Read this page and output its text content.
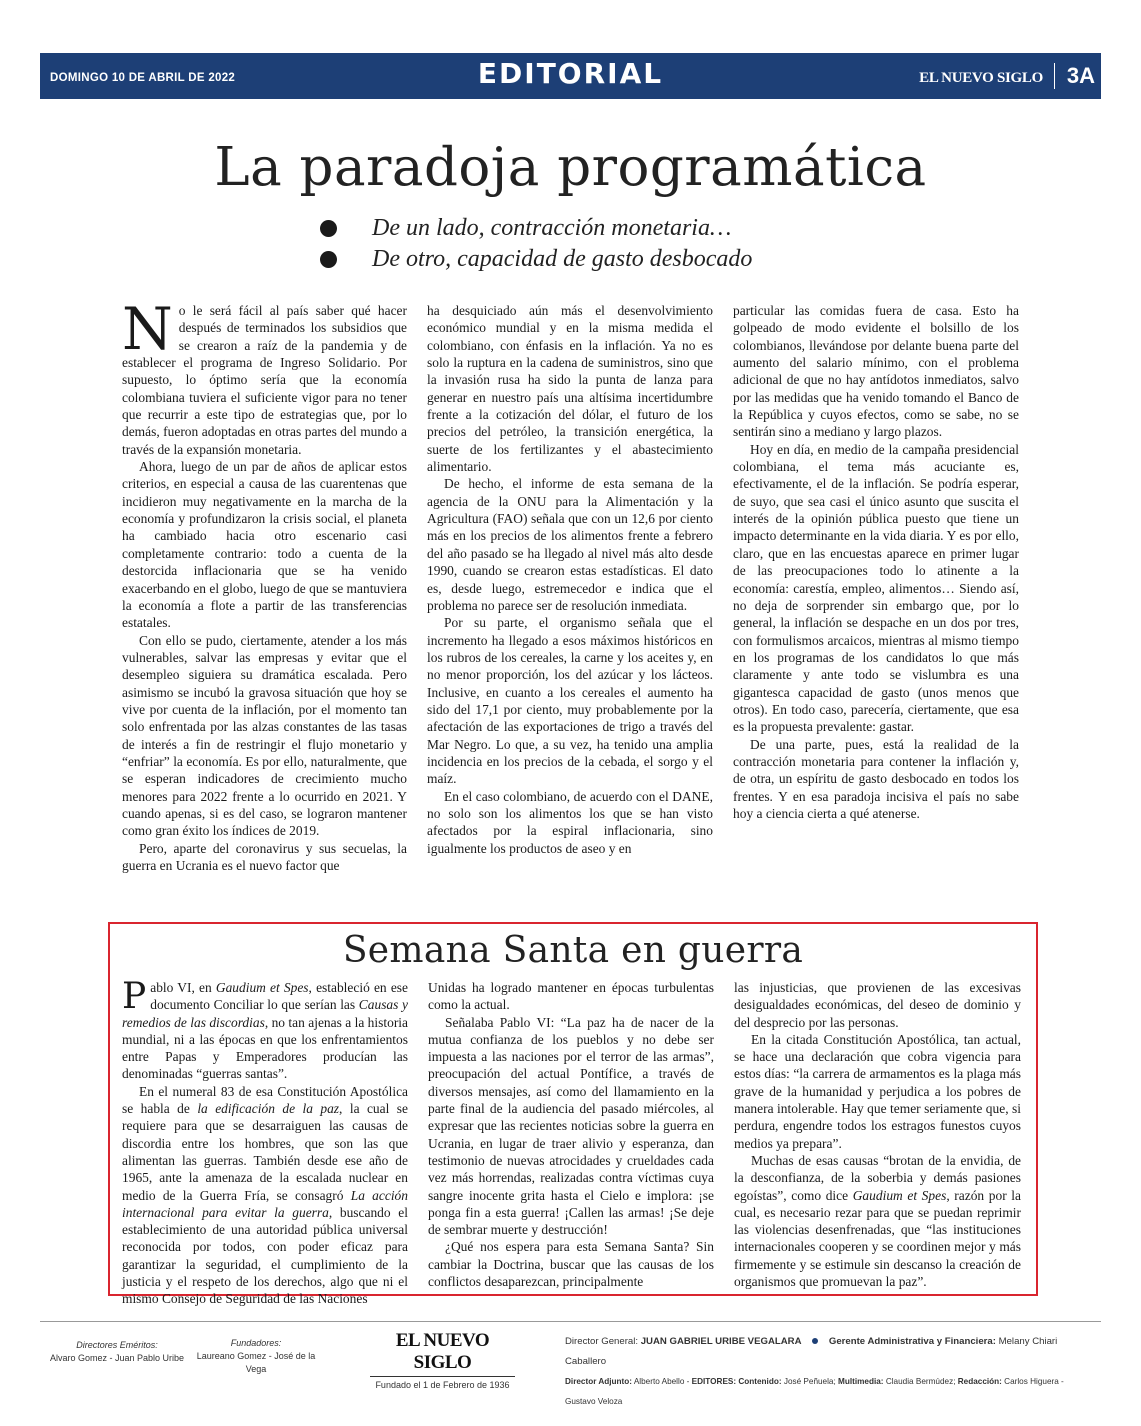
DOMINGO 10 DE ABRIL DE 2022	EDITORIAL	EL NUEVO SIGLO 3A
La paradoja programática
De un lado, contracción monetaria…
De otro, capacidad de gasto desbocado

No le será fácil al país saber qué hacer después de terminados los subsidios que se crearon a raíz de la pandemia y de establecer el programa de Ingreso Solidario. Por supuesto, lo óptimo sería que la economía colombiana tuviera el suficiente vigor para no tener que recurrir a este tipo de estrategias que, por lo demás, fueron adoptadas en otras partes del mundo a través de la expansión monetaria.

Ahora, luego de un par de años de aplicar estos criterios, en especial a causa de las cuarentenas que incidieron muy negativamente en la marcha de la economía y profundizaron la crisis social, el planeta ha cambiado hacia otro escenario casi completamente contrario: todo a cuenta de la destorcida inflacionaria que se ha venido exacerbando en el globo, luego de que se mantuviera la economía a flote a partir de las transferencias estatales.

Con ello se pudo, ciertamente, atender a los más vulnerables, salvar las empresas y evitar que el desempleo siguiera su dramática escalada. Pero asimismo se incubó la gravosa situación que hoy se vive por cuenta de la inflación, por el momento tan solo enfrentada por las alzas constantes de las tasas de interés a fin de restringir el flujo monetario y “enfriar” la economía. Es por ello, naturalmente, que se esperan indicadores de crecimiento mucho menores para 2022 frente a lo ocurrido en 2021. Y cuando apenas, si es del caso, se lograron mantener como gran éxito los índices de 2019.

Pero, aparte del coronavirus y sus secuelas, la guerra en Ucrania es el nuevo factor que

ha desquiciado aún más el desenvolvimiento económico mundial y en la misma medida el colombiano, con énfasis en la inflación. Ya no es solo la ruptura en la cadena de suministros, sino que la invasión rusa ha sido la punta de lanza para generar en nuestro país una altísima incertidumbre frente a la cotización del dólar, el futuro de los precios del petróleo, la transición energética, la suerte de los fertilizantes y el abastecimiento alimentario.

De hecho, el informe de esta semana de la agencia de la ONU para la Alimentación y la Agricultura (FAO) señala que con un 12,6 por ciento más en los precios de los alimentos frente a febrero del año pasado se ha llegado al nivel más alto desde 1990, cuando se crearon estas estadísticas. El dato es, desde luego, estremecedor e indica que el problema no parece ser de resolución inmediata.

Por su parte, el organismo señala que el incremento ha llegado a esos máximos históricos en los rubros de los cereales, la carne y los aceites y, en no menor proporción, los del azúcar y los lácteos. Inclusive, en cuanto a los cereales el aumento ha sido del 17,1 por ciento, muy probablemente por la afectación de las exportaciones de trigo a través del Mar Negro. Lo que, a su vez, ha tenido una amplia incidencia en los precios de la cebada, el sorgo y el maíz.

En el caso colombiano, de acuerdo con el DANE, no solo son los alimentos los que se han visto afectados por la espiral inflacionaria, sino igualmente los productos de aseo y en

particular las comidas fuera de casa. Esto ha golpeado de modo evidente el bolsillo de los colombianos, llevándose por delante buena parte del aumento del salario mínimo, con el problema adicional de que no hay antídotos inmediatos, salvo por las medidas que ha venido tomando el Banco de la República y cuyos efectos, como se sabe, no se sentirán sino a mediano y largo plazos.

Hoy en día, en medio de la campaña presidencial colombiana, el tema más acuciante es, efectivamente, el de la inflación. Se podría esperar, de suyo, que sea casi el único asunto que suscita el interés de la opinión pública puesto que tiene un impacto determinante en la vida diaria. Y es por ello, claro, que en las encuestas aparece en primer lugar de las preocupaciones todo lo atinente a la economía: carestía, empleo, alimentos… Siendo así, no deja de sorprender sin embargo que, por lo general, la inflación se despache en un dos por tres, con formulismos arcaicos, mientras al mismo tiempo en los programas de los candidatos lo que más claramente y ante todo se vislumbra es una gigantesca capacidad de gasto (unos menos que otros). En todo caso, parecería, ciertamente, que esa es la propuesta prevalente: gastar.

De una parte, pues, está la realidad de la contracción monetaria para contener la inflación y, de otra, un espíritu de gasto desbocado en todos los frentes. Y en esa paradoja incisiva el país no sabe hoy a ciencia cierta a qué atenerse.

Semana Santa en guerra

Pablo VI, en Gaudium et Spes, estableció en ese documento Conciliar lo que serían las Causas y remedios de las discordias, no tan ajenas a la historia mundial, ni a las épocas en que los enfrentamientos entre Papas y Emperadores producían las denominadas “guerras santas”.

En el numeral 83 de esa Constitución Apostólica se habla de la edificación de la paz, la cual se requiere para que se desarraiguen las causas de discordia entre los hombres, que son las que alimentan las guerras. También desde ese año de 1965, ante la amenaza de la escalada nuclear en medio de la Guerra Fría, se consagró La acción internacional para evitar la guerra, buscando el establecimiento de una autoridad pública universal reconocida por todos, con poder eficaz para garantizar la seguridad, el cumplimiento de la justicia y el respeto de los derechos, algo que ni el mismo Consejo de Seguridad de las Naciones

Unidas ha logrado mantener en épocas turbulentas como la actual.

Señalaba Pablo VI: “La paz ha de nacer de la mutua confianza de los pueblos y no debe ser impuesta a las naciones por el terror de las armas”, preocupación del actual Pontífice, a través de diversos mensajes, así como del llamamiento en la parte final de la audiencia del pasado miércoles, al expresar que las recientes noticias sobre la guerra en Ucrania, en lugar de traer alivio y esperanza, dan testimonio de nuevas atrocidades y crueldades cada vez más horrendas, realizadas contra víctimas cuya sangre inocente grita hasta el Cielo e implora: ¡se ponga fin a esta guerra! ¡Callen las armas! ¡Se deje de sembrar muerte y destrucción!

¿Qué nos espera para esta Semana Santa? Sin cambiar la Doctrina, buscar que las causas de los conflictos desaparezcan, principalmente

las injusticias, que provienen de las excesivas desigualdades económicas, del deseo de dominio y del desprecio por las personas.

En la citada Constitución Apostólica, tan actual, se hace una declaración que cobra vigencia para estos días: “la carrera de armamentos es la plaga más grave de la humanidad y perjudica a los pobres de manera intolerable. Hay que temer seriamente que, si perdura, engendre todos los estragos funestos cuyos medios ya prepara”.

Muchas de esas causas “brotan de la envidia, de la desconfianza, de la soberbia y demás pasiones egoístas”, como dice Gaudium et Spes, razón por la cual, es necesario rezar para que se puedan reprimir las violencias desenfrenadas, que “las instituciones internacionales cooperen y se coordinen mejor y más firmemente y se estimule sin descanso la creación de organismos que promuevan la paz”.

Directores Eméritos:
Alvaro Gomez - Juan Pablo Uribe
Fundadores:
Laureano Gomez - José de la Vega
EL NUEVO SIGLO
Fundado el 1 de Febrero de 1936
Director General: JUAN GABRIEL URIBE VEGALARA	Gerente Administrativa y Financiera: Melany Chiari Caballero
Director Adjunto: Alberto Abello - EDITORES: Contenido: José Peñuela; Multimedia: Claudia Bermúdez; Redacción: Carlos Higuera - Gustavo Veloza
